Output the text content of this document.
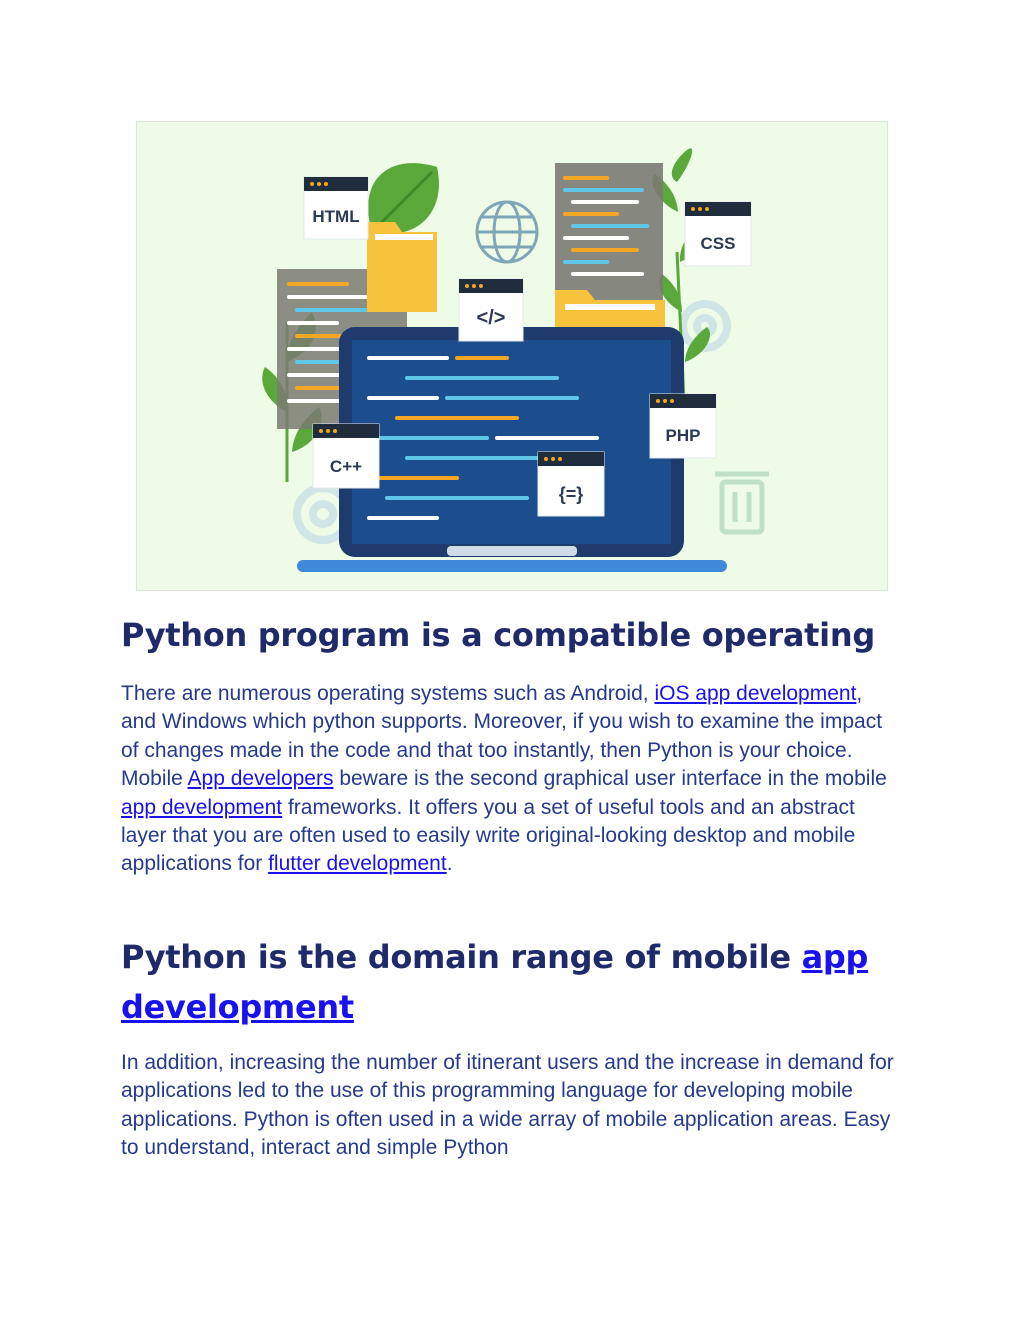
HTML
</>
CSS
PHP
C++
{=}
Python program is a compatible operating

There are numerous operating systems such as Android, iOS app development, and Windows which python supports. Moreover, if you wish to examine the impact of changes made in the code and that too instantly, then Python is your choice. Mobile App developers beware is the second graphical user interface in the mobile app development frameworks. It offers you a set of useful tools and an abstract layer that you are often used to easily write original-looking desktop and mobile applications for flutter development.

Python is the domain range of mobile app development

In addition, increasing the number of itinerant users and the increase in demand for applications led to the use of this programming language for developing mobile applications. Python is often used in a wide array of mobile application areas. Easy to understand, interact and simple Python
